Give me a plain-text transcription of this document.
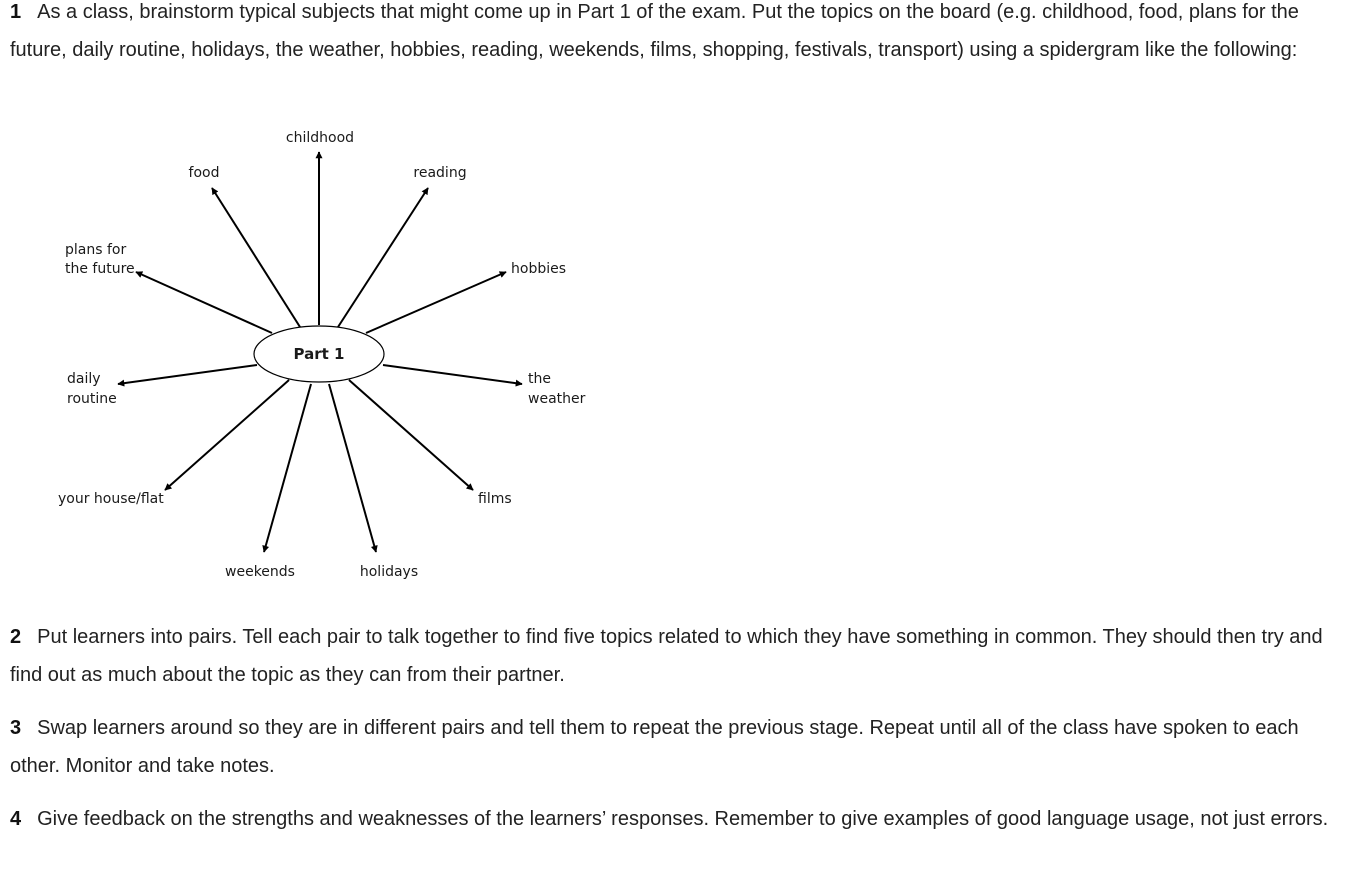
1 As a class, brainstorm typical subjects that might come up in Part 1 of the exam. Put the topics on the board (e.g. childhood, food, plans for the future, daily routine, holidays, the weather, hobbies, reading, weekends, films, shopping, festivals, transport) using a spidergram like the following:

Part 1
childhood
food	reading
plans for
the future	hobbies
daily
routine
the
weather
your house/flat	films
weekends	holidays

2 Put learners into pairs. Tell each pair to talk together to find five topics related to which they have something in common. They should then try and find out as much about the topic as they can from their partner.

3 Swap learners around so they are in different pairs and tell them to repeat the previous stage. Repeat until all of the class have spoken to each other. Monitor and take notes.

4 Give feedback on the strengths and weaknesses of the learners’ responses. Remember to give examples of good language usage, not just errors.
